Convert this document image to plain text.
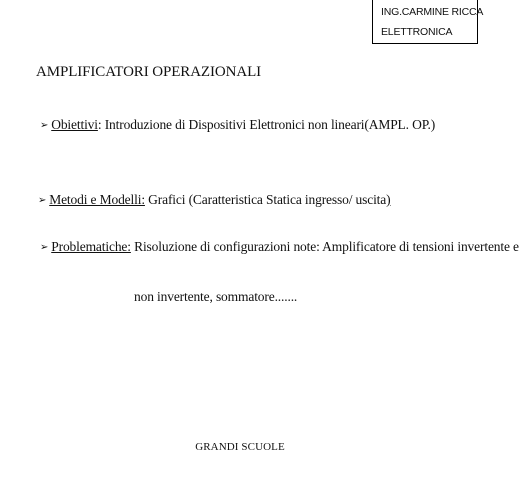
ING.CARMINE RICCA
ELETTRONICA
AMPLIFICATORI OPERAZIONALI
➢ Obiettivi: Introduzione di Dispositivi Elettronici non lineari(AMPL. OP.)
➢ Metodi e Modelli: Grafici (Caratteristica Statica ingresso/ uscita)
➢ Problematiche: Risoluzione di configurazioni note: Amplificatore di tensioni invertente e
non invertente, sommatore.......
GRANDI SCUOLE
